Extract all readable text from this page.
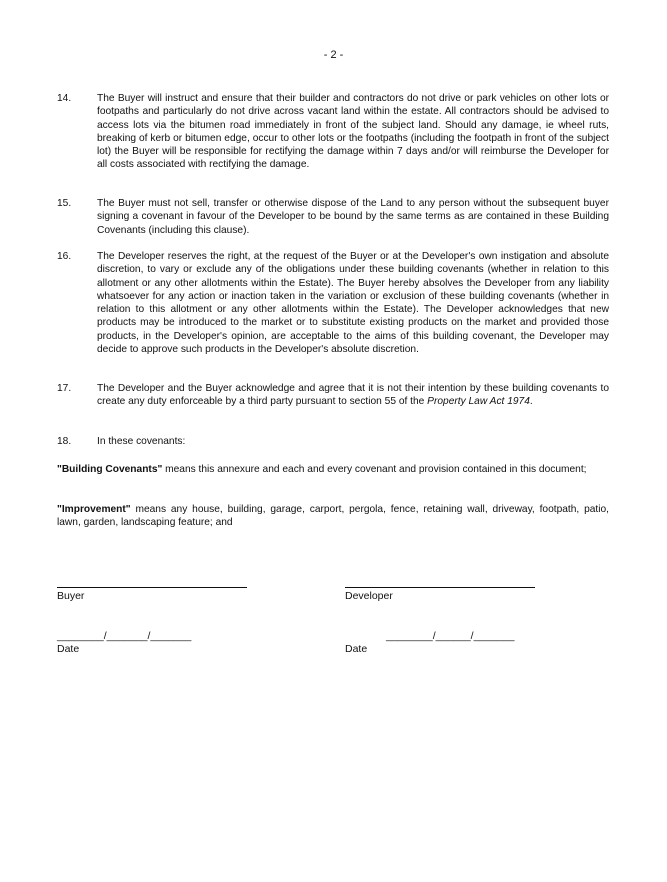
- 2 -
14.	The Buyer will instruct and ensure that their builder and contractors do not drive or park vehicles on other lots or footpaths and particularly do not drive across vacant land within the estate. All contractors should be advised to access lots via the bitumen road immediately in front of the subject land. Should any damage, ie wheel ruts, breaking of kerb or bitumen edge, occur to other lots or the footpaths (including the footpath in front of the subject lot) the Buyer will be responsible for rectifying the damage within 7 days and/or will reimburse the Developer for all costs associated with rectifying the damage.
15.	The Buyer must not sell, transfer or otherwise dispose of the Land to any person without the subsequent buyer signing a covenant in favour of the Developer to be bound by the same terms as are contained in these Building Covenants (including this clause).
16.	The Developer reserves the right, at the request of the Buyer or at the Developer's own instigation and absolute discretion, to vary or exclude any of the obligations under these building covenants (whether in relation to this allotment or any other allotments within the Estate). The Buyer hereby absolves the Developer from any liability whatsoever for any action or inaction taken in the variation or exclusion of these building covenants (whether in relation to this allotment or any other allotments within the Estate). The Developer acknowledges that new products may be introduced to the market or to substitute existing products on the market and provided those products, in the Developer's opinion, are acceptable to the aims of this building covenant, the Developer may decide to approve such products in the Developer's absolute discretion.
17.	The Developer and the Buyer acknowledge and agree that it is not their intention by these building covenants to create any duty enforceable by a third party pursuant to section 55 of the Property Law Act 1974.
18.	In these covenants:
"Building Covenants" means this annexure and each and every covenant and provision contained in this document;
"Improvement" means any house, building, garage, carport, pergola, fence, retaining wall, driveway, footpath, patio, lawn, garden, landscaping feature; and
Buyer	Developer
________/_______/_______
Date
________/______/_______
Date
